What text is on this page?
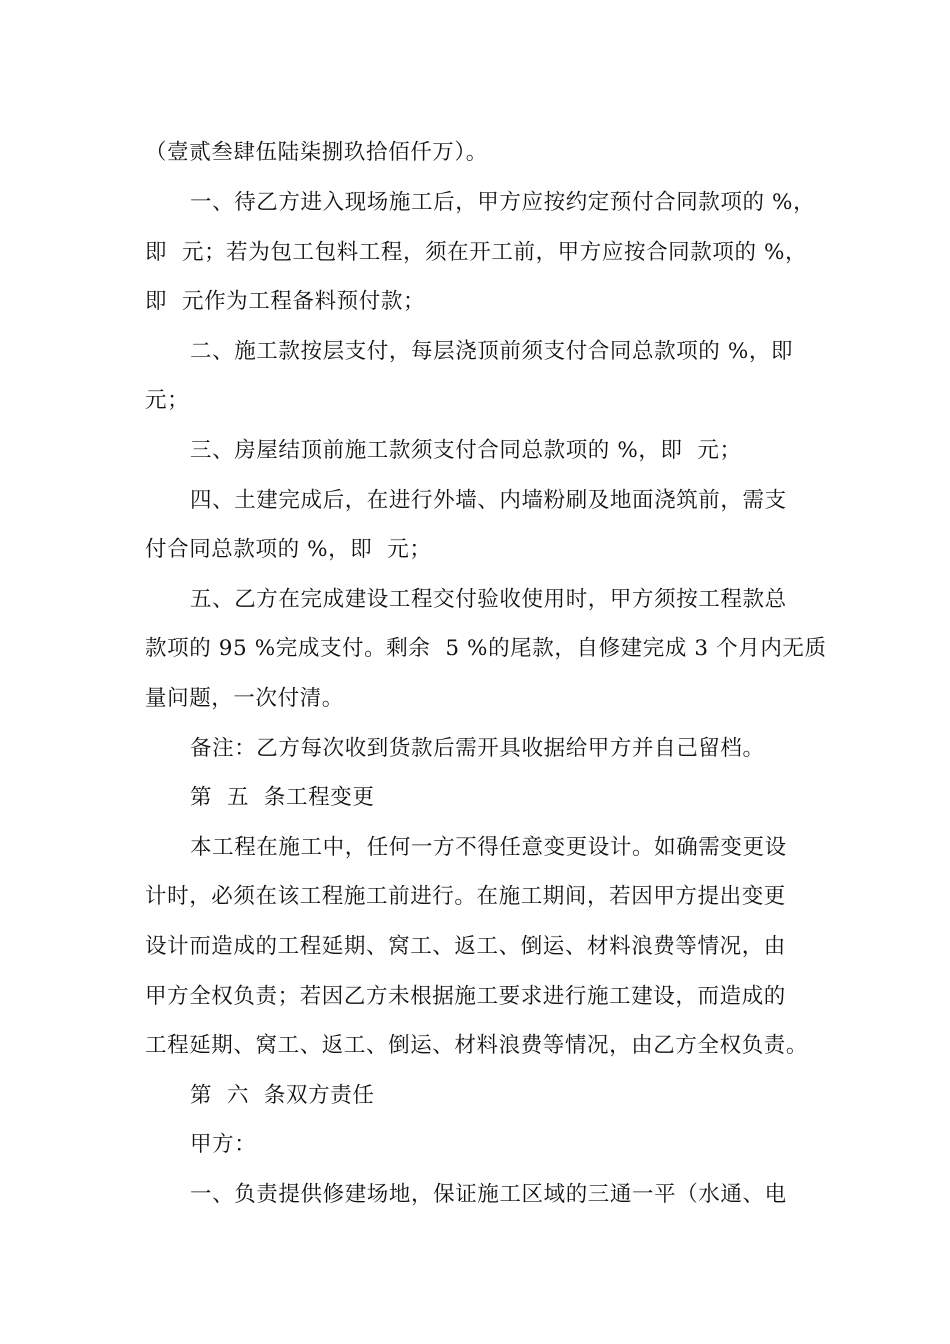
（壹贰叁肆伍陆柒捌玖拾佰仟万）。
一、待乙方进入现场施工后，甲方应按约定预付合同款项的 %，
即  元；若为包工包料工程，须在开工前，甲方应按合同款项的 %，
即  元作为工程备料预付款；
二、施工款按层支付，每层浇顶前须支付合同总款项的 %，即
元；
三、房屋结顶前施工款须支付合同总款项的 %，即  元；
四、土建完成后，在进行外墙、内墙粉刷及地面浇筑前，需支
付合同总款项的 %，即  元；
五、乙方在完成建设工程交付验收使用时，甲方须按工程款总
款项的 95 %完成支付。剩余  5 %的尾款，自修建完成 3 个月内无质
量问题，一次付清。
备注：乙方每次收到货款后需开具收据给甲方并自己留档。
第  五  条工程变更
本工程在施工中，任何一方不得任意变更设计。如确需变更设
计时，必须在该工程施工前进行。在施工期间，若因甲方提出变更
设计而造成的工程延期、窝工、返工、倒运、材料浪费等情况，由
甲方全权负责；若因乙方未根据施工要求进行施工建设，而造成的
工程延期、窝工、返工、倒运、材料浪费等情况，由乙方全权负责。
第  六  条双方责任
甲方：
一、负责提供修建场地，保证施工区域的三通一平（水通、电
